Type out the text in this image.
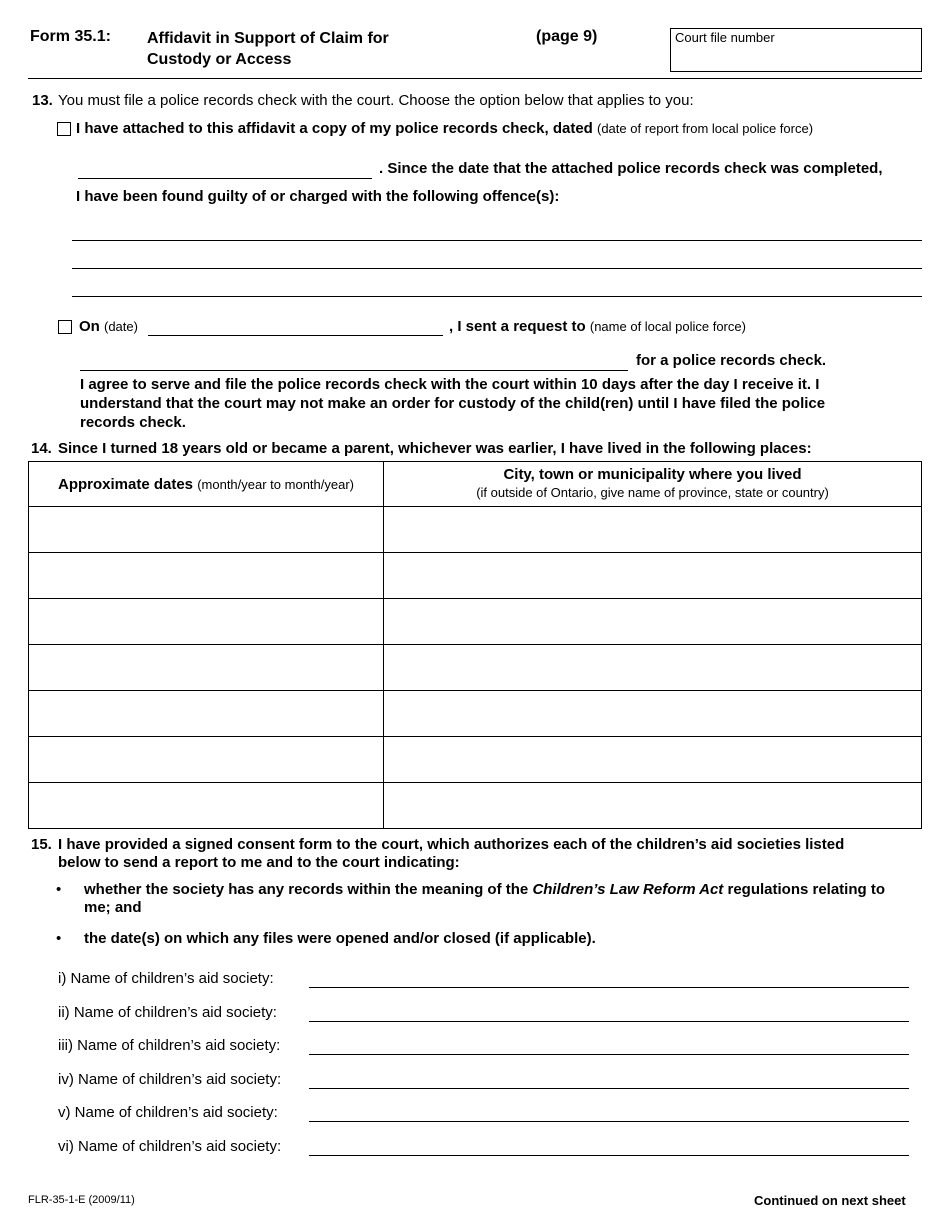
Form 35.1: Affidavit in Support of Claim for
Custody or Access
(page 9)	Court file number
13. You must file a police records check with the court. Choose the option below that applies to you:
I have attached to this affidavit a copy of my police records check, dated (date of report from local police force)
. Since the date that the attached police records check was completed,
I have been found guilty of or charged with the following offence(s):
On (date)	, I sent a request to (name of local police force)
for a police records check.
I agree to serve and file the police records check with the court within 10 days after the day I receive it. I understand that the court may not make an order for custody of the child(ren) until I have filed the police records check.
14. Since I turned 18 years old or became a parent, whichever was earlier, I have lived in the following places:
Approximate dates (month/year to month/year)	City, town or municipality where you lived
(if outside of Ontario, give name of province, state or country)

15. I have provided a signed consent form to the court, which authorizes each of the children’s aid societies listed below to send a report to me and to the court indicating:
• whether the society has any records within the meaning of the Children’s Law Reform Act regulations relating to me; and
• the date(s) on which any files were opened and/or closed (if applicable).
i) Name of children’s aid society:
ii) Name of children’s aid society:
iii) Name of children’s aid society:
iv) Name of children’s aid society:
v) Name of children’s aid society:
vi) Name of children’s aid society:
FLR-35-1-E (2009/11)	Continued on next sheet
